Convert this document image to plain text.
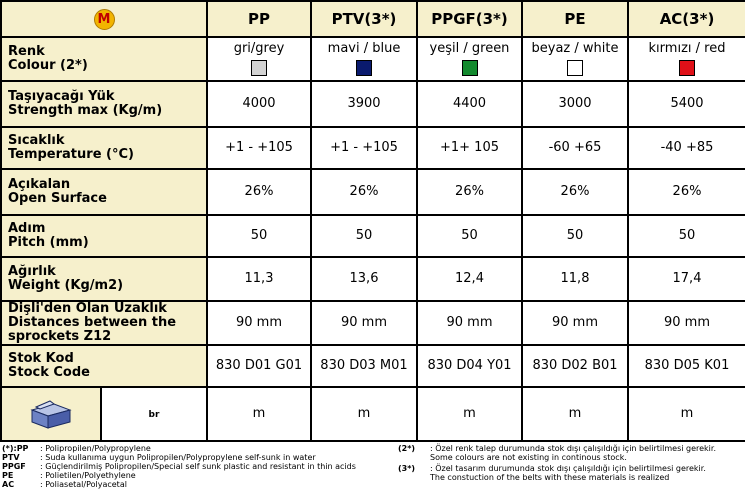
M		PP	PTV(3*)	PPGF(3*)	PE	AC(3*)
Renk
Colour (2*)		gri/grey	mavi / blue	yeşil / green	beyaz / white	kırmızı / red

Taşıyacağı Yük
Strength max (Kg/m)		4000	3900	4400	3000	5400
Sıcaklık
Temperature (°C)		+1 - +105	+1 - +105	+1+ 105	-60 +65	-40 +85
Açıkalan
Open Surface		26%	26%	26%	26%	26%
Adım
Pitch (mm)		50	50	50	50	50
Ağırlık
Weight (Kg/m2)		11,3	13,6	12,4	11,8	17,4
Dişli'den Olan Uzaklık
Distances between the
sprockets Z12		90 mm	90 mm	90 mm	90 mm	90 mm
Stok Kod
Stock Code		830 D01 G01	830 D03 M01	830 D04 Y01	830 D02 B01	830 D05 K01
	br	m	m	m	m	m
(*):PP : Polipropilen/Polypropylene
PTV	: Suda kullanıma uygun Polipropilen/Polypropylene self-sunk in water
PPGF : Güçlendirilmiş Polipropilen/Special self sunk plastic and resistant in thin acids
PE	: Polietilen/Polyethylene
AC	: Poliasetal/Polyacetal
(2*) : Özel renk talep durumunda stok dışı çalışıldığı için belirtilmesi gerekir.
Some colours are not existing in continous stock.
(3*) : Özel tasarım durumunda stok dışı çalışıldığı için belirtilmesi gerekir.
The constuction of the belts with these materials is realized
